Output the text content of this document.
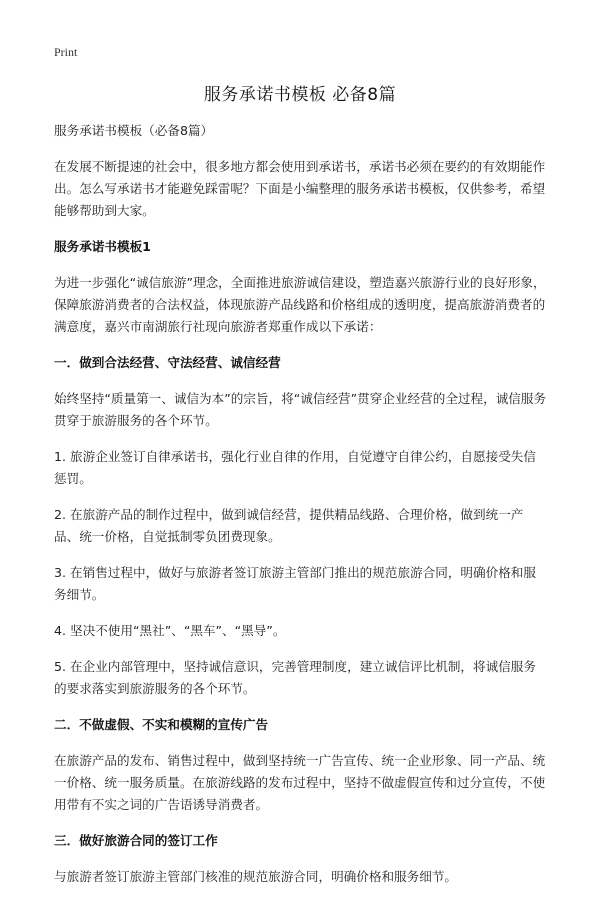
Print
服务承诺书模板 必备8篇

服务承诺书模板（必备8篇）

在发展不断提速的社会中，很多地方都会使用到承诺书，承诺书必须在要约的有效期能作出。怎么写承诺书才能避免踩雷呢？下面是小编整理的服务承诺书模板，仅供参考，希望能够帮助到大家。

服务承诺书模板1

为进一步强化“诚信旅游”理念，全面推进旅游诚信建设，塑造嘉兴旅游行业的良好形象，保障旅游消费者的合法权益，体现旅游产品线路和价格组成的透明度，提高旅游消费者的满意度，嘉兴市南湖旅行社现向旅游者郑重作成以下承诺：

一．做到合法经营、守法经营、诚信经营

始终坚持“质量第一、诚信为本”的宗旨，将“诚信经营”贯穿企业经营的全过程，诚信服务贯穿于旅游服务的各个环节。

1. 旅游企业签订自律承诺书，强化行业自律的作用，自觉遵守自律公约，自愿接受失信惩罚。

2. 在旅游产品的制作过程中，做到诚信经营，提供精品线路、合理价格，做到统一产品、统一价格，自觉抵制零负团费现象。

3. 在销售过程中，做好与旅游者签订旅游主管部门推出的规范旅游合同，明确价格和服务细节。

4. 坚决不使用“黑社”、“黑车”、“黑导”。

5. 在企业内部管理中，坚持诚信意识，完善管理制度，建立诚信评比机制，将诚信服务的要求落实到旅游服务的各个环节。

二．不做虚假、不实和模糊的宣传广告

在旅游产品的发布、销售过程中，做到坚持统一广告宣传、统一企业形象、同一产品、统一价格、统一服务质量。在旅游线路的发布过程中，坚持不做虚假宣传和过分宣传，不使用带有不实之词的广告语诱导消费者。

三．做好旅游合同的签订工作

与旅游者签订旅游主管部门核准的规范旅游合同，明确价格和服务细节。
